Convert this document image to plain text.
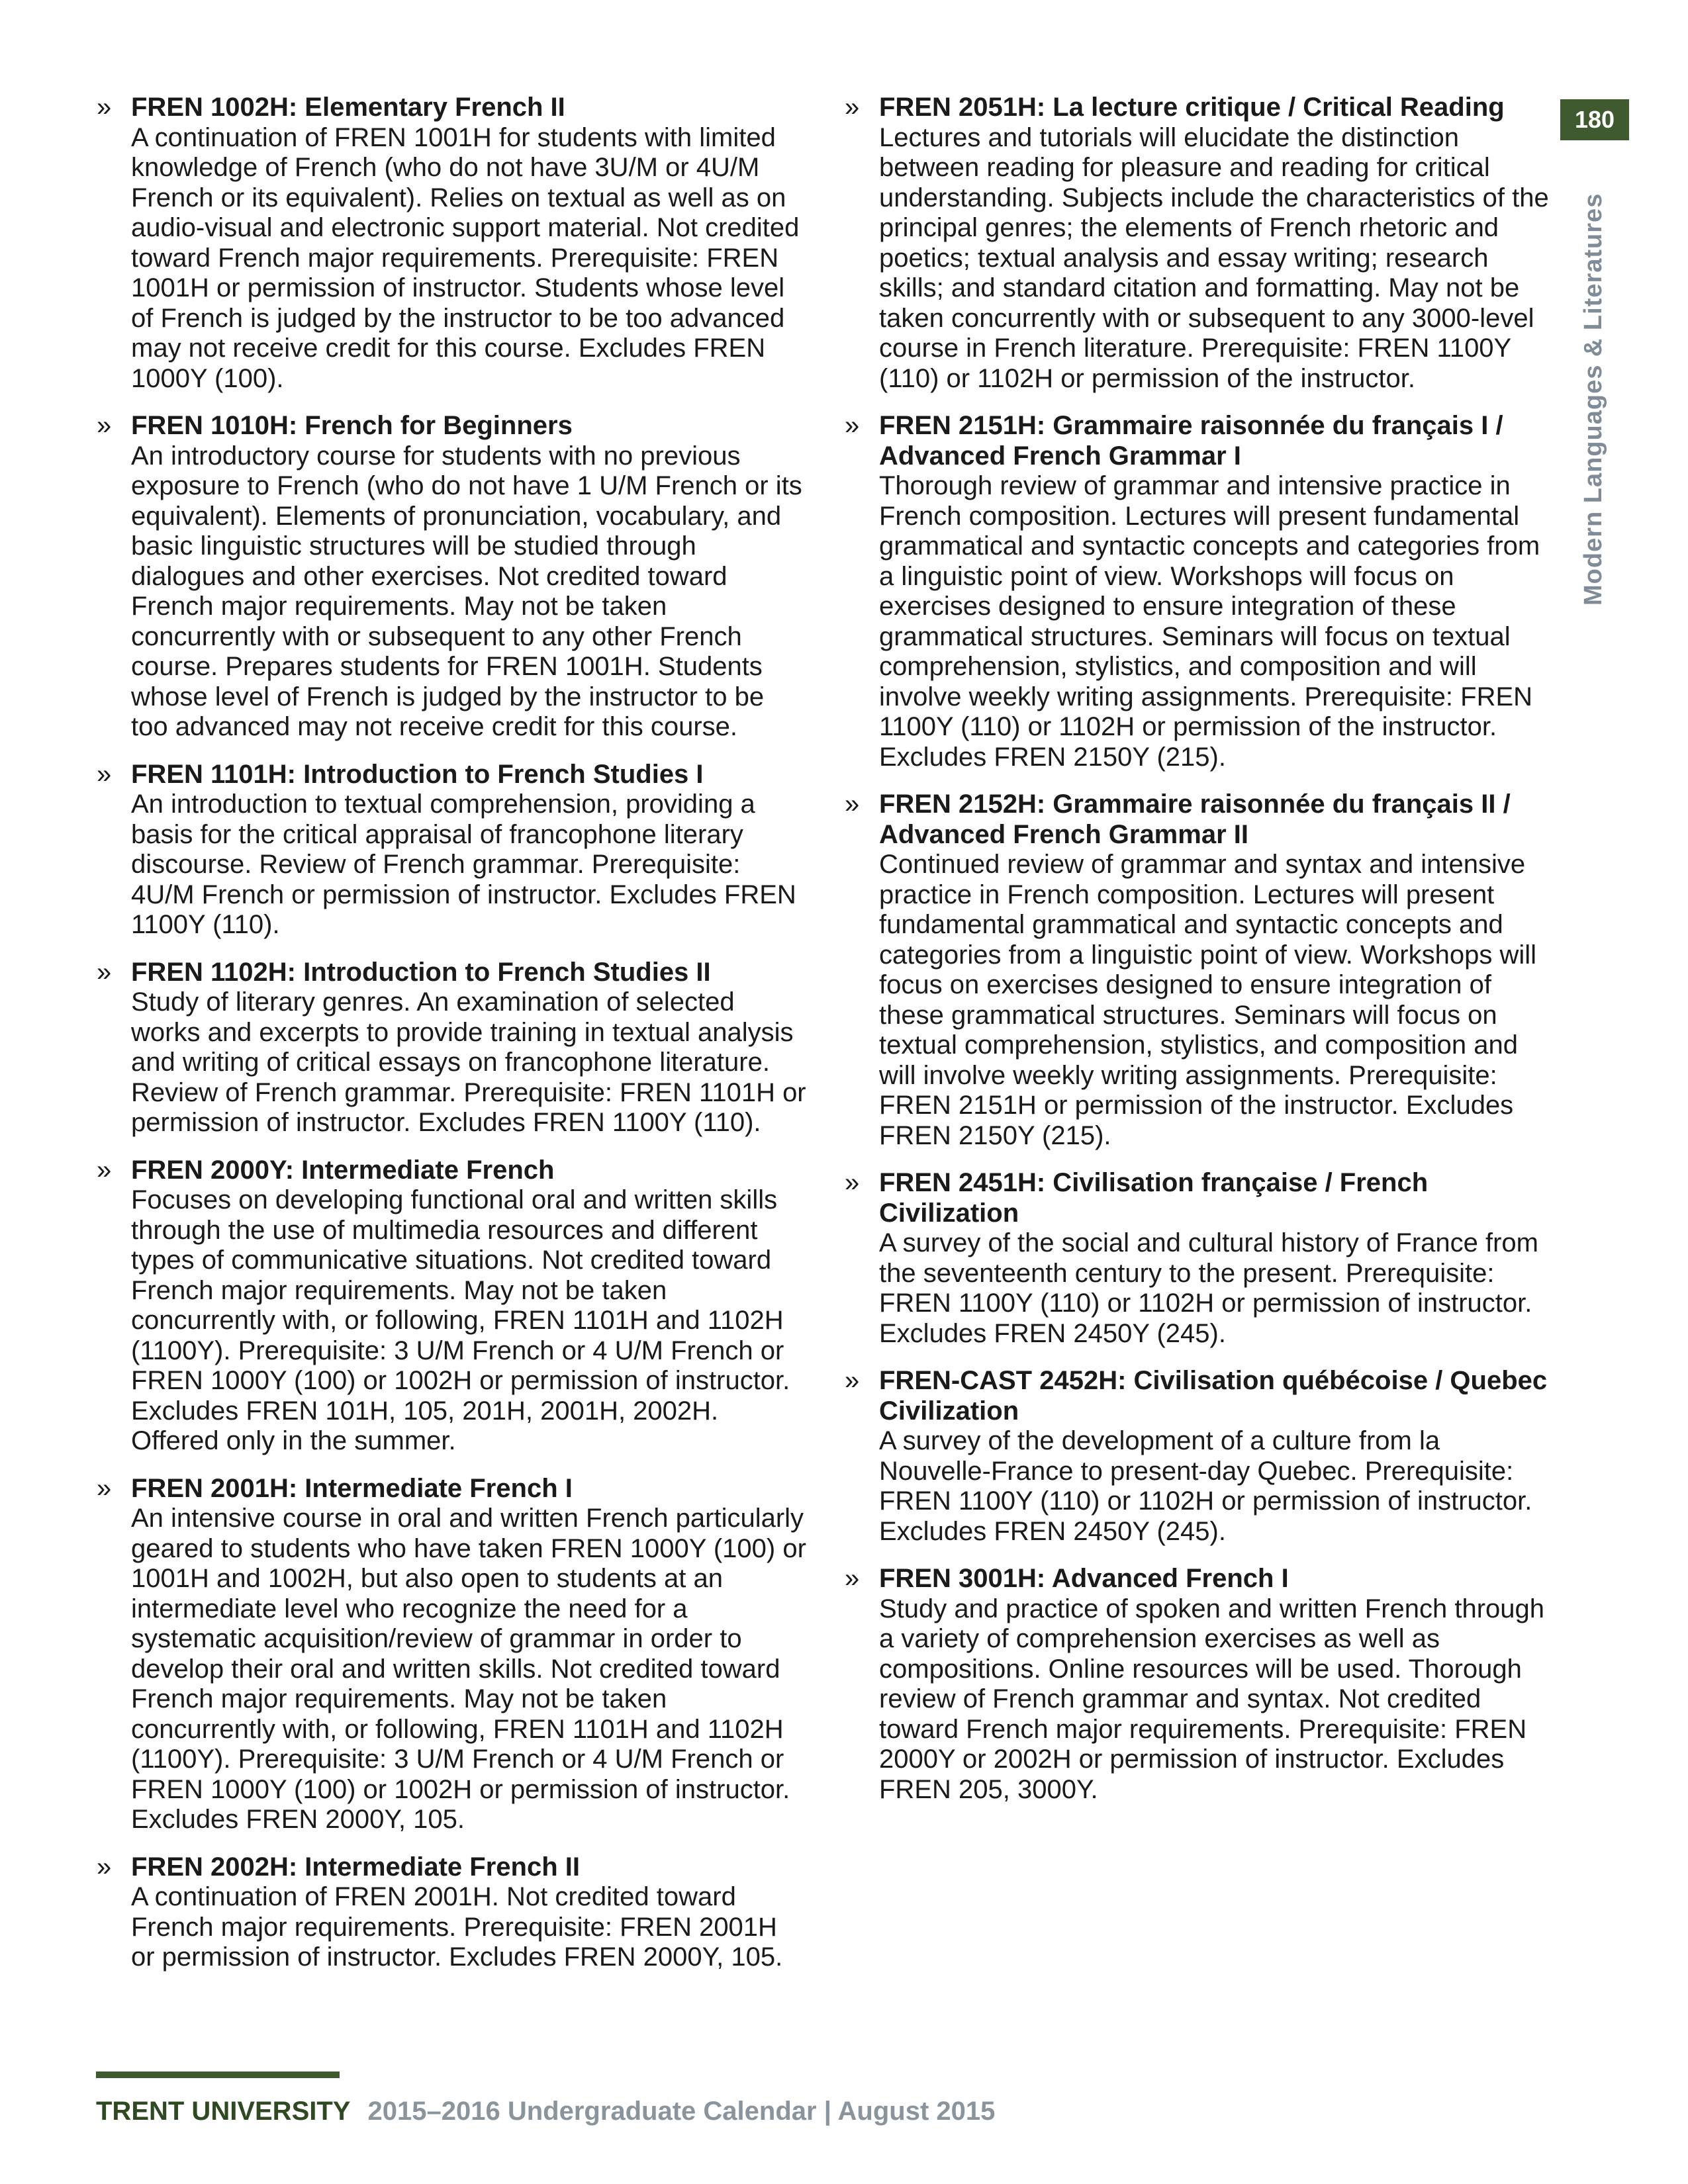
» FREN 1002H: Elementary French II

A continuation of FREN 1001H for students with limited knowledge of French (who do not have 3U/M or 4U/M French or its equivalent). Relies on textual as well as on audio-visual and electronic support material. Not credited toward French major requirements. Prerequisite: FREN 1001H or permission of instructor. Students whose level of French is judged by the instructor to be too advanced may not receive credit for this course. Excludes FREN 1000Y (100).

» FREN 1010H: French for Beginners

An introductory course for students with no previous exposure to French (who do not have 1 U/M French or its equivalent). Elements of pronunciation, vocabulary, and basic linguistic structures will be studied through dialogues and other exercises. Not credited toward French major requirements. May not be taken concurrently with or subsequent to any other French course. Prepares students for FREN 1001H. Students whose level of French is judged by the instructor to be too advanced may not receive credit for this course.

» FREN 1101H: Introduction to French Studies I

An introduction to textual comprehension, providing a basis for the critical appraisal of francophone literary discourse. Review of French grammar. Prerequisite: 4U/M French or permission of instructor. Excludes FREN 1100Y (110).

» FREN 1102H: Introduction to French Studies II

Study of literary genres. An examination of selected works and excerpts to provide training in textual analysis and writing of critical essays on francophone literature. Review of French grammar. Prerequisite: FREN 1101H or permission of instructor. Excludes FREN 1100Y (110).

» FREN 2000Y: Intermediate French

Focuses on developing functional oral and written skills through the use of multimedia resources and different types of communicative situations. Not credited toward French major requirements. May not be taken concurrently with, or following, FREN 1101H and 1102H (1100Y). Prerequisite: 3 U/M French or 4 U/M French or FREN 1000Y (100) or 1002H or permission of instructor. Excludes FREN 101H, 105, 201H, 2001H, 2002H. Offered only in the summer.

» FREN 2001H: Intermediate French I

An intensive course in oral and written French particularly geared to students who have taken FREN 1000Y (100) or 1001H and 1002H, but also open to students at an intermediate level who recognize the need for a systematic acquisition/review of grammar in order to develop their oral and written skills. Not credited toward French major requirements. May not be taken concurrently with, or following, FREN 1101H and 1102H (1100Y). Prerequisite: 3 U/M French or 4 U/M French or FREN 1000Y (100) or 1002H or permission of instructor. Excludes FREN 2000Y, 105.

» FREN 2002H: Intermediate French II

A continuation of FREN 2001H. Not credited toward French major requirements. Prerequisite: FREN 2001H or permission of instructor. Excludes FREN 2000Y, 105.

» FREN 2051H: La lecture critique / Critical Reading

Lectures and tutorials will elucidate the distinction between reading for pleasure and reading for critical understanding. Subjects include the characteristics of the principal genres; the elements of French rhetoric and poetics; textual analysis and essay writing; research skills; and standard citation and formatting. May not be taken concurrently with or subsequent to any 3000-level course in French literature. Prerequisite: FREN 1100Y (110) or 1102H or permission of the instructor.

» FREN 2151H: Grammaire raisonnée du français I / Advanced French Grammar I

Thorough review of grammar and intensive practice in French composition. Lectures will present fundamental grammatical and syntactic concepts and categories from a linguistic point of view. Workshops will focus on exercises designed to ensure integration of these grammatical structures. Seminars will focus on textual comprehension, stylistics, and composition and will involve weekly writing assignments. Prerequisite: FREN 1100Y (110) or 1102H or permission of the instructor. Excludes FREN 2150Y (215).

» FREN 2152H: Grammaire raisonnée du français II / Advanced French Grammar II

Continued review of grammar and syntax and intensive practice in French composition. Lectures will present fundamental grammatical and syntactic concepts and categories from a linguistic point of view. Workshops will focus on exercises designed to ensure integration of these grammatical structures. Seminars will focus on textual comprehension, stylistics, and composition and will involve weekly writing assignments. Prerequisite: FREN 2151H or permission of the instructor. Excludes FREN 2150Y (215).

» FREN 2451H: Civilisation française / French Civilization

A survey of the social and cultural history of France from the seventeenth century to the present. Prerequisite: FREN 1100Y (110) or 1102H or permission of instructor. Excludes FREN 2450Y (245).

» FREN-CAST 2452H: Civilisation québécoise / Quebec Civilization

A survey of the development of a culture from la Nouvelle-France to present-day Quebec. Prerequisite: FREN 1100Y (110) or 1102H or permission of instructor. Excludes FREN 2450Y (245).

» FREN 3001H: Advanced French I

Study and practice of spoken and written French through a variety of comprehension exercises as well as compositions. Online resources will be used. Thorough review of French grammar and syntax. Not credited toward French major requirements. Prerequisite: FREN 2000Y or 2002H or permission of instructor. Excludes FREN 205, 3000Y.

180
Modern Languages & Literatures
TRENT UNIVERSITY 2015–2016 Undergraduate Calendar | August 2015
